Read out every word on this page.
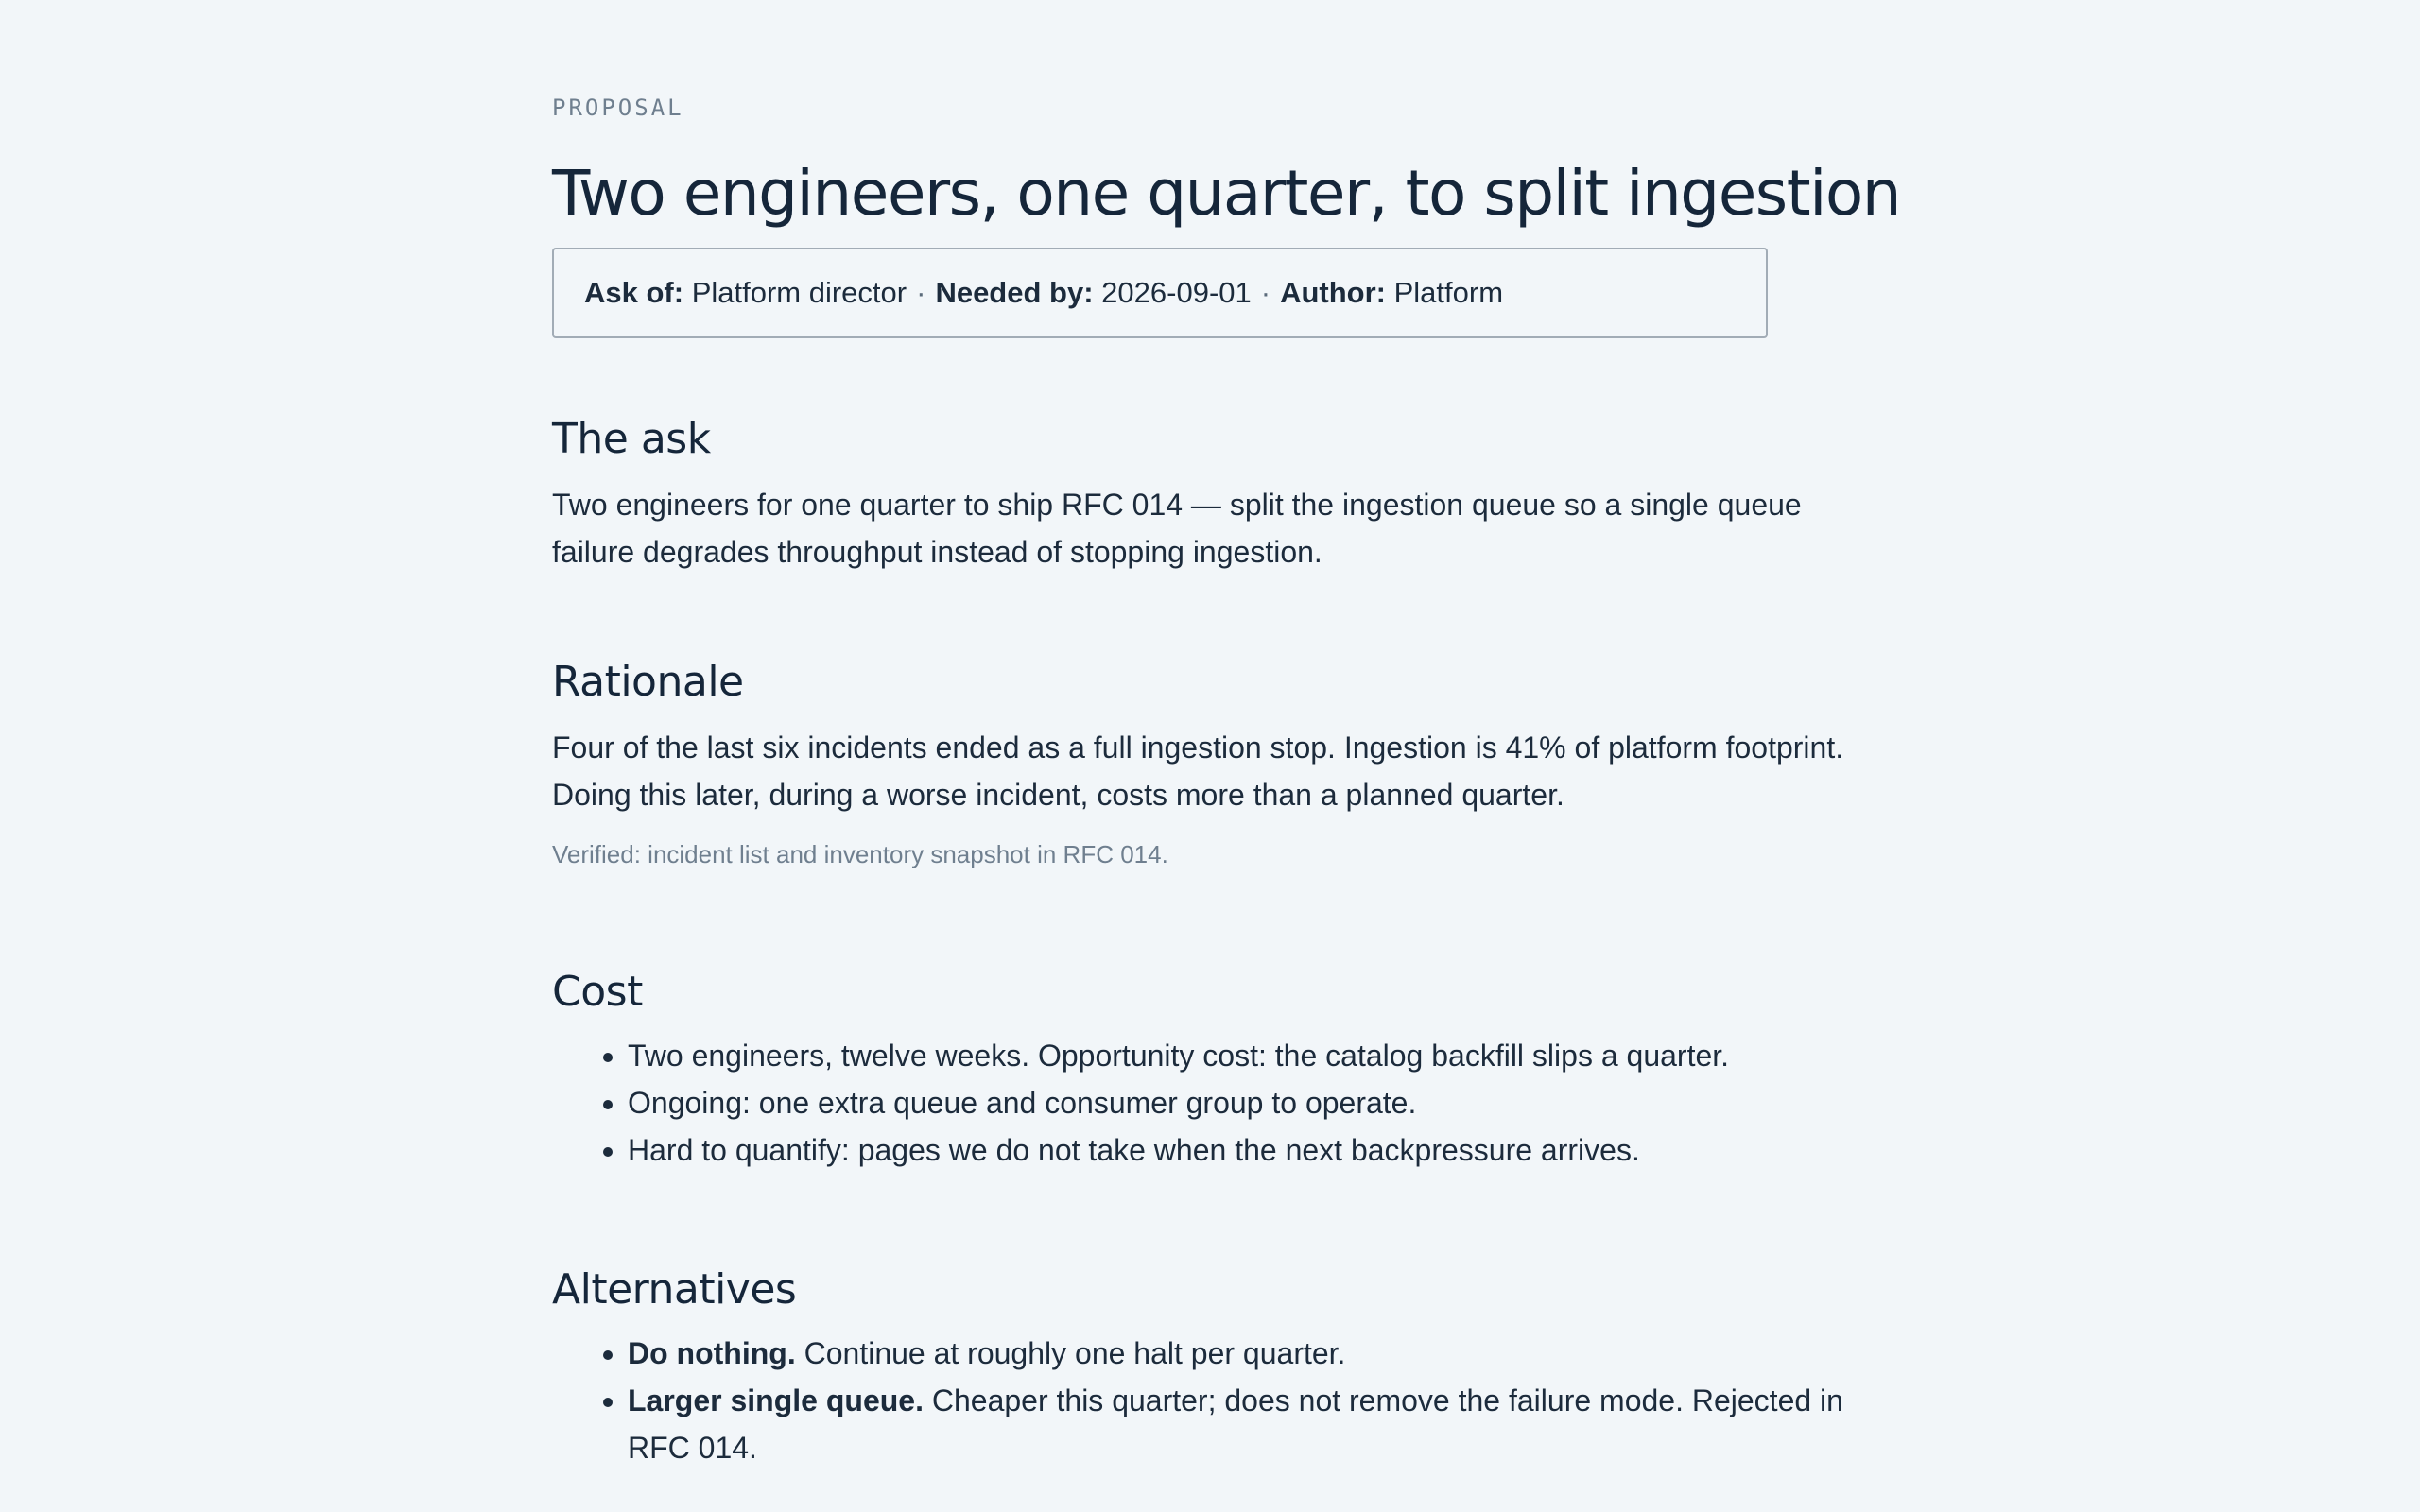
PROPOSAL
Two engineers, one quarter, to split ingestion
Ask of:
Platform director · Needed by:
2026-09-01 · Author:
Platform
The ask

Two engineers for one quarter to ship RFC 014 — split the ingestion queue so a single queue failure degrades throughput instead of stopping ingestion.

Rationale

Four of the last six incidents ended as a full ingestion stop. Ingestion is 41% of platform footprint. Doing this later, during a worse incident, costs more than a planned quarter.

Verified: incident list and inventory snapshot in RFC 014.

Cost
• Two engineers, twelve weeks. Opportunity cost: the catalog backfill slips a quarter.
• Ongoing: one extra queue and consumer group to operate.
• Hard to quantify: pages we do not take when the next backpressure arrives.
Alternatives
• Do nothing. Continue at roughly one halt per quarter.
• Larger single queue. Cheaper this quarter; does not remove the failure mode. Rejected in RFC 014.
